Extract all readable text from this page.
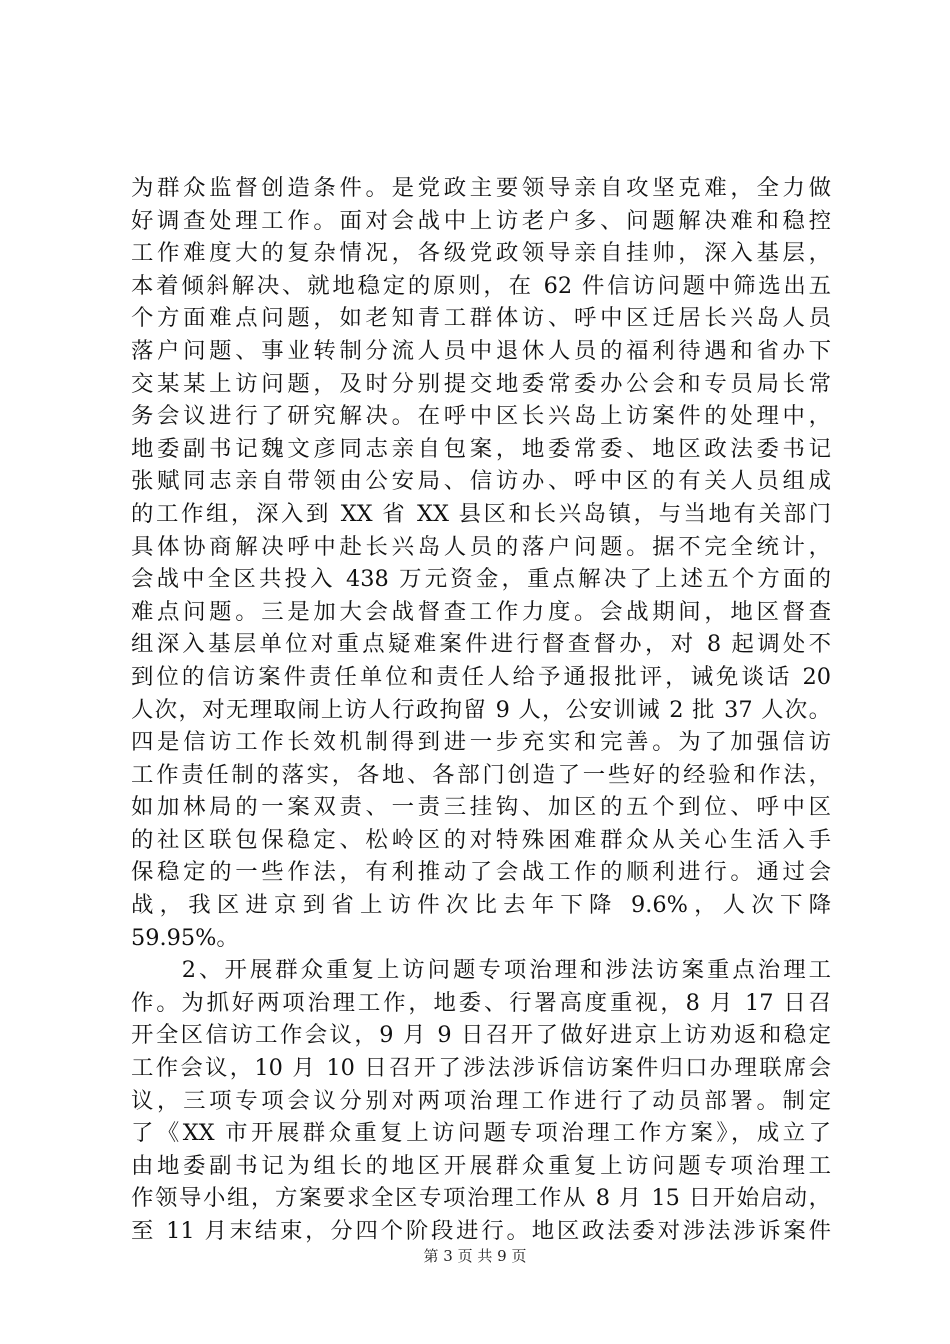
为群众监督创造条件。是党政主要领导亲自攻坚克难，全力做
好调查处理工作。面对会战中上访老户多、问题解决难和稳控
工作难度大的复杂情况，各级党政领导亲自挂帅，深入基层，
本着倾斜解决、就地稳定的原则，在 62 件信访问题中筛选出五
个方面难点问题，如老知青工群体访、呼中区迁居长兴岛人员
落户问题、事业转制分流人员中退休人员的福利待遇和省办下
交某某上访问题，及时分别提交地委常委办公会和专员局长常
务会议进行了研究解决。在呼中区长兴岛上访案件的处理中，
地委副书记魏文彦同志亲自包案，地委常委、地区政法委书记
张赋同志亲自带领由公安局、信访办、呼中区的有关人员组成
的工作组，深入到 XX 省 XX 县区和长兴岛镇，与当地有关部门
具体协商解决呼中赴长兴岛人员的落户问题。据不完全统计，
会战中全区共投入 438 万元资金，重点解决了上述五个方面的
难点问题。三是加大会战督查工作力度。会战期间，地区督查
组深入基层单位对重点疑难案件进行督查督办，对 8 起调处不
到位的信访案件责任单位和责任人给予通报批评，诫免谈话 20
人次，对无理取闹上访人行政拘留 9 人，公安训诫 2 批 37 人次。
四是信访工作长效机制得到进一步充实和完善。为了加强信访
工作责任制的落实，各地、各部门创造了一些好的经验和作法，
如加林局的一案双责、一责三挂钩、加区的五个到位、呼中区
的社区联包保稳定、松岭区的对特殊困难群众从关心生活入手
保稳定的一些作法，有利推动了会战工作的顺利进行。通过会
战，我区进京到省上访件次比去年下降 9.6%，人次下降
59.95%。
　　2、开展群众重复上访问题专项治理和涉法访案重点治理工
作。为抓好两项治理工作，地委、行署高度重视，8 月 17 日召
开全区信访工作会议，9 月 9 日召开了做好进京上访劝返和稳定
工作会议，10 月 10 日召开了涉法涉诉信访案件归口办理联席会
议，三项专项会议分别对两项治理工作进行了动员部署。制定
了《XX 市开展群众重复上访问题专项治理工作方案》，成立了
由地委副书记为组长的地区开展群众重复上访问题专项治理工
作领导小组，方案要求全区专项治理工作从 8 月 15 日开始启动，
至 11 月末结束，分四个阶段进行。地区政法委对涉法涉诉案件
第 3 页 共 9 页
